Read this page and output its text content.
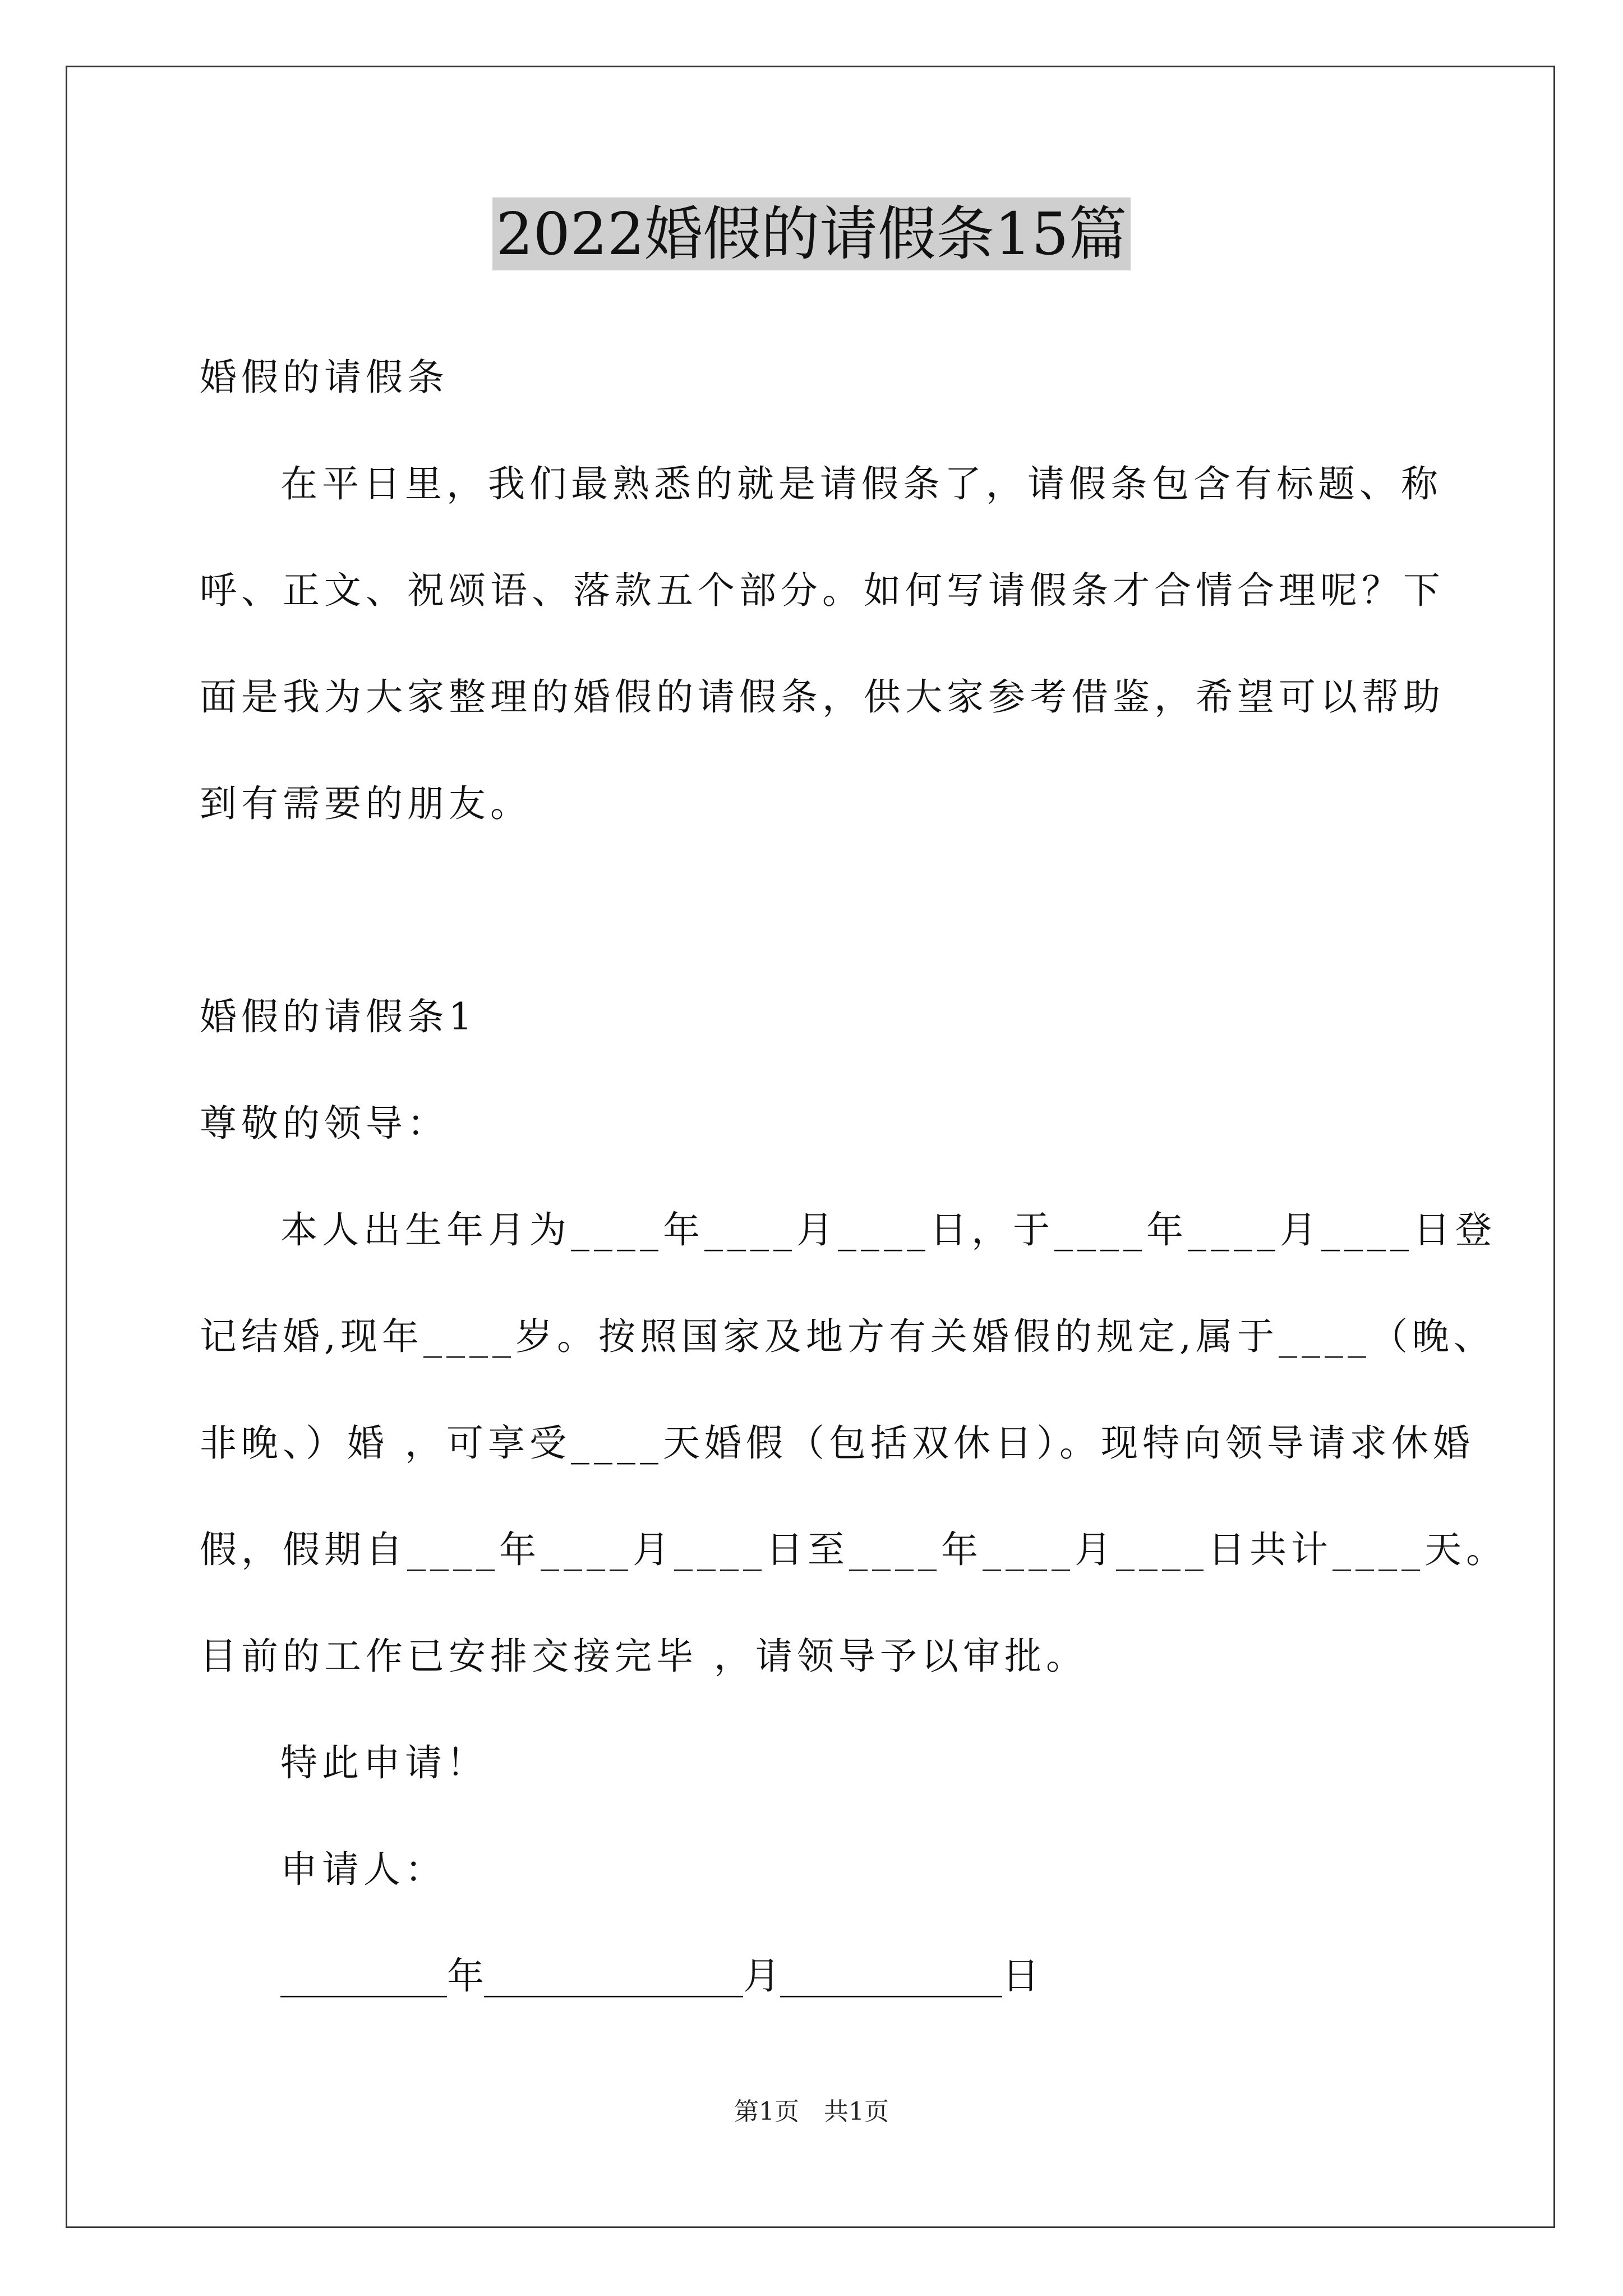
2022婚假的请假条15篇
婚假的请假条
在平日里，我们最熟悉的就是请假条了，请假条包含有标题、称
呼、正文、祝颂语、落款五个部分。如何写请假条才合情合理呢？下
面是我为大家整理的婚假的请假条，供大家参考借鉴，希望可以帮助
到有需要的朋友。
婚假的请假条1
尊敬的领导：
本人出生年月为____年____月____日，于____年____月____日登
记结婚,现年____岁。按照国家及地方有关婚假的规定,属于____（晚、
非晚、）婚 ，可享受____天婚假（包括双休日）。现特向领导请求休婚
假，假期自____年____月____日至____年____月____日共计____天。
目前的工作已安排交接完毕 ，请领导予以审批。
特此申请！
申请人：
_________年______________月____________日
第1页　共1页
